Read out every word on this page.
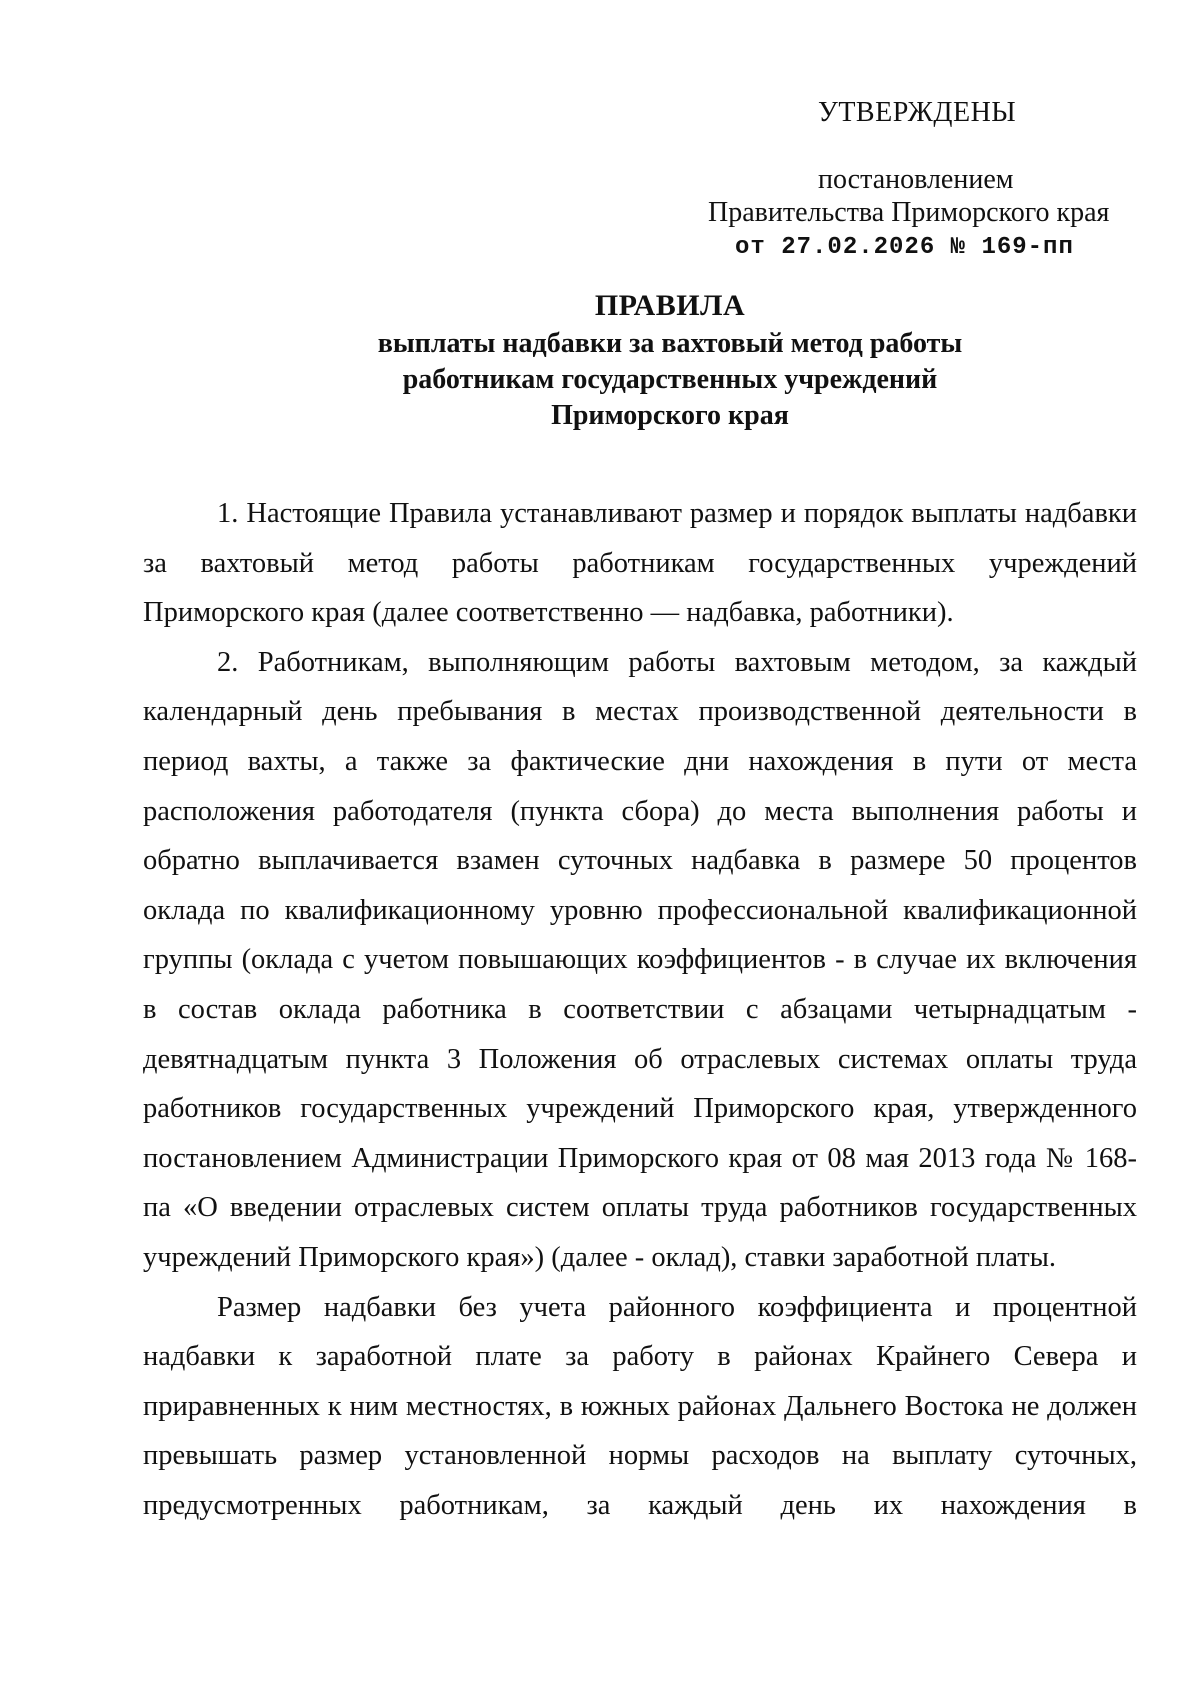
УТВЕРЖДЕНЫ
постановлением
Правительства Приморского края
от 27.02.2026 № 169-пп
ПРАВИЛА
выплаты надбавки за вахтовый метод работы
работникам государственных учреждений
Приморского края

1. Настоящие Правила устанавливают размер и порядок выплаты надбавки за вахтовый метод работы работникам государственных учреждений Приморского края (далее соответственно — надбавка, работники).

2. Работникам, выполняющим работы вахтовым методом, за каждый календарный день пребывания в местах производственной деятельности в период вахты, а также за фактические дни нахождения в пути от места расположения работодателя (пункта сбора) до места выполнения работы и обратно выплачивается взамен суточных надбавка в размере 50 процентов оклада по квалификационному уровню профессиональной квалификационной группы (оклада с учетом повышающих коэффициентов - в случае их включения в состав оклада работника в соответствии с абзацами четырнадцатым - девятнадцатым пункта 3 Положения об отраслевых системах оплаты труда работников государственных учреждений Приморского края, утвержденного постановлением Администрации Приморского края от 08 мая 2013 года № 168-па «О введении отраслевых систем оплаты труда работников государственных учреждений Приморского края») (далее - оклад), ставки заработной платы.

Размер надбавки без учета районного коэффициента и процентной надбавки к заработной плате за работу в районах Крайнего Севера и приравненных к ним местностях, в южных районах Дальнего Востока не должен превышать размер установленной нормы расходов на выплату суточных, предусмотренных работникам, за каждый день их нахождения в
